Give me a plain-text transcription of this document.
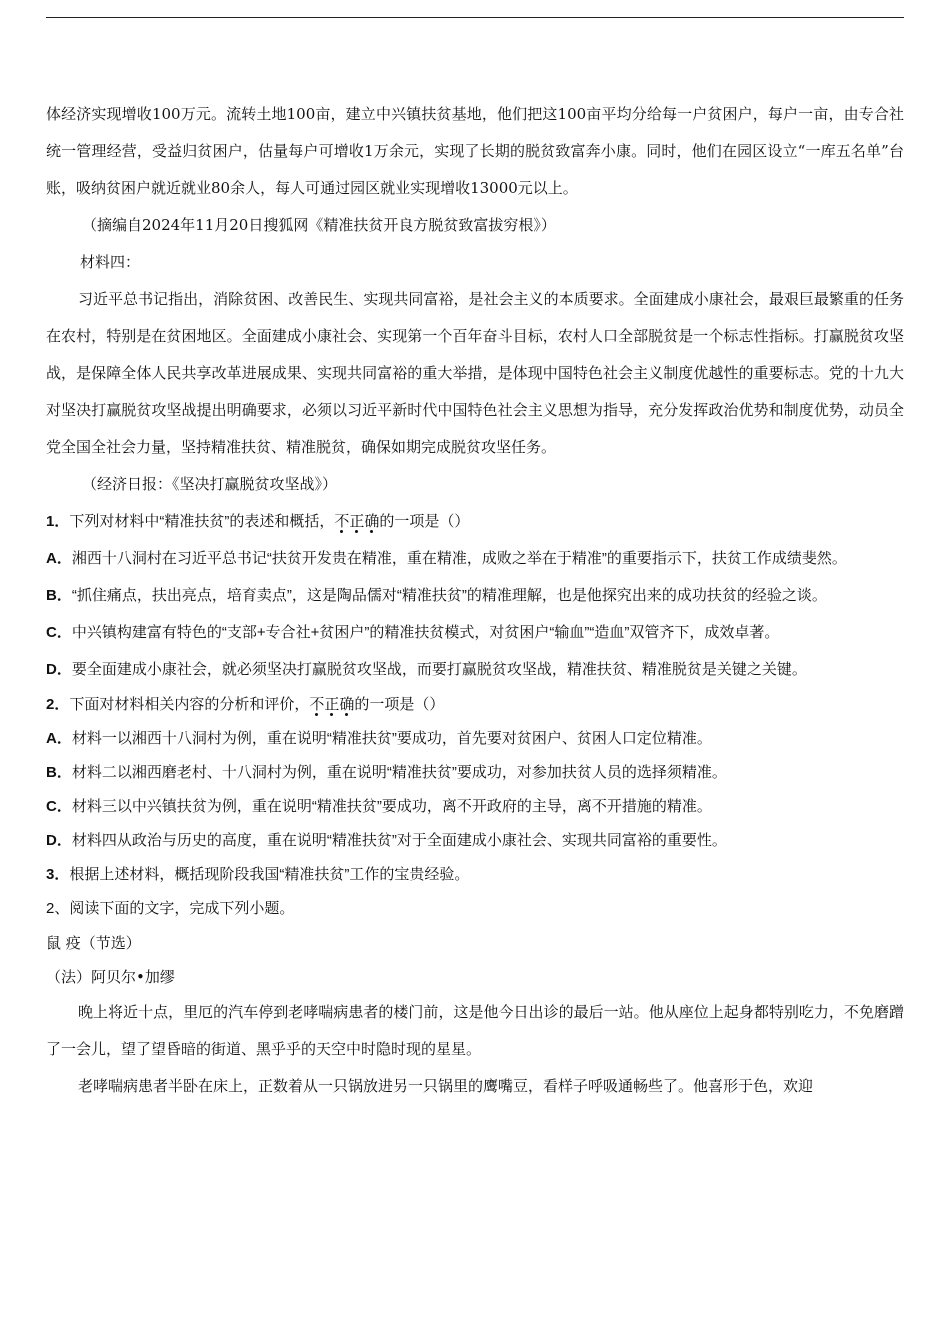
体经济实现增收100万元。流转土地100亩，建立中兴镇扶贫基地，他们把这100亩平均分给每一户贫困户，每户一亩，由专合社统一管理经营，受益归贫困户，估量每户可增收1万余元，实现了长期的脱贫致富奔小康。同时，他们在园区设立“一库五名单”台账，吸纳贫困户就近就业80余人，每人可通过园区就业实现增收13000元以上。

（摘编自2024年11月20日搜狐网《精准扶贫开良方脱贫致富拔穷根》）

材料四：

习近平总书记指出，消除贫困、改善民生、实现共同富裕，是社会主义的本质要求。全面建成小康社会，最艰巨最繁重的任务在农村，特别是在贫困地区。全面建成小康社会、实现第一个百年奋斗目标，农村人口全部脱贫是一个标志性指标。打赢脱贫攻坚战，是保障全体人民共享改革进展成果、实现共同富裕的重大举措，是体现中国特色社会主义制度优越性的重要标志。党的十九大对坚决打赢脱贫攻坚战提出明确要求，必须以习近平新时代中国特色社会主义思想为指导，充分发挥政治优势和制度优势，动员全党全国全社会力量，坚持精准扶贫、精准脱贫，确保如期完成脱贫攻坚任务。

（经济日报：《坚决打赢脱贫攻坚战》）

1．下列对材料中“精准扶贫”的表述和概括，不正确的一项是（）

A．湘西十八洞村在习近平总书记“扶贫开发贵在精准，重在精准，成败之举在于精准”的重要指示下，扶贫工作成绩斐然。

B．“抓住痛点，扶出亮点，培育卖点”，这是陶品儒对“精准扶贫”的精准理解，也是他探究出来的成功扶贫的经验之谈。

C．中兴镇构建富有特色的“支部+专合社+贫困户”的精准扶贫模式，对贫困户“输血”“造血”双管齐下，成效卓著。

D．要全面建成小康社会，就必须坚决打赢脱贫攻坚战，而要打赢脱贫攻坚战，精准扶贫、精准脱贫是关键之关键。

2．下面对材料相关内容的分析和评价，不正确的一项是（）

A．材料一以湘西十八洞村为例，重在说明“精准扶贫”要成功，首先要对贫困户、贫困人口定位精准。

B．材料二以湘西磨老村、十八洞村为例，重在说明“精准扶贫”要成功，对参加扶贫人员的选择须精准。

C．材料三以中兴镇扶贫为例，重在说明“精准扶贫”要成功，离不开政府的主导，离不开措施的精准。

D．材料四从政治与历史的高度，重在说明“精准扶贫”对于全面建成小康社会、实现共同富裕的重要性。

3．根据上述材料，概括现阶段我国“精准扶贫”工作的宝贵经验。

2、阅读下面的文字，完成下列小题。

鼠 疫（节选）

（法）阿贝尔•加缪

晚上将近十点，里厄的汽车停到老哮喘病患者的楼门前，这是他今日出诊的最后一站。他从座位上起身都特别吃力，不免磨蹭了一会儿，望了望昏暗的街道、黑乎乎的天空中时隐时现的星星。

老哮喘病患者半卧在床上，正数着从一只锅放进另一只锅里的鹰嘴豆，看样子呼吸通畅些了。他喜形于色，欢迎
